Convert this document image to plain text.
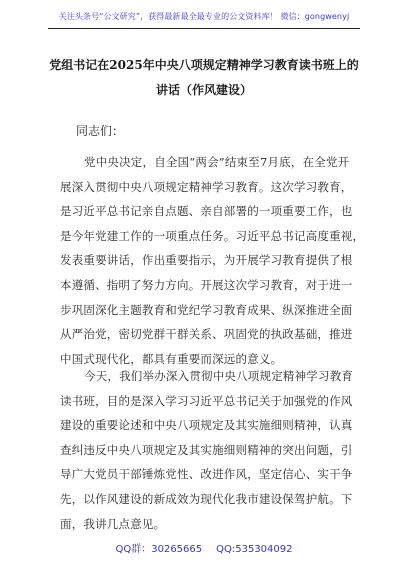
关注头条号“公文研究”，获得最新最全最专业的公文资料库！ 微信：gongwenyj
党组书记在2025年中央八项规定精神学习教育读书班上的
讲话（作风建设）
同志们：
党中央决定，自全国“两会”结束至7月底，在全党开
展深入贯彻中央八项规定精神学习教育。这次学习教育，
是习近平总书记亲自点题、亲自部署的一项重要工作，也
是今年党建工作的一项重点任务。习近平总书记高度重视，
发表重要讲话，作出重要指示，为开展学习教育提供了根
本遵循、指明了努力方向。开展这次学习教育，对于进一
步巩固深化主题教育和党纪学习教育成果、纵深推进全面
从严治党，密切党群干群关系、巩固党的执政基础，推进
中国式现代化，都具有重要而深远的意义。
今天，我们举办深入贯彻中央八项规定精神学习教育
读书班，目的是深入学习习近平总书记关于加强党的作风
建设的重要论述和中央八项规定及其实施细则精神，认真
查纠违反中央八项规定及其实施细则精神的突出问题，引
导广大党员干部锤炼党性、改进作风，坚定信心、实干争
先，以作风建设的新成效为现代化我市建设保驾护航。下
面，我讲几点意见。
QQ群：30265665 QQ:535304092
